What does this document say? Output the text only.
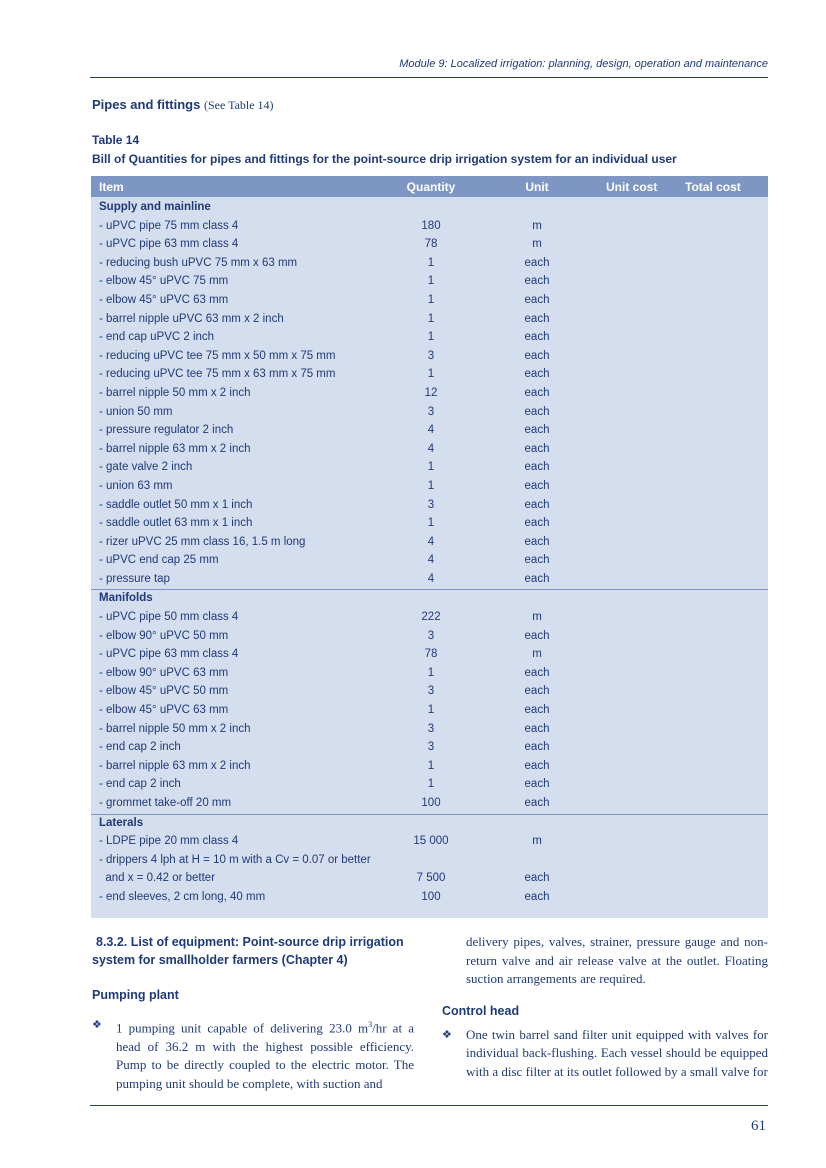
Module 9: Localized irrigation: planning, design, operation and maintenance
Pipes and fittings (See Table 14)
Table 14
Bill of Quantities for pipes and fittings for the point-source drip irrigation system for an individual user
Item	Quantity	Unit	Unit cost Total cost
Supply and mainline
- uPVC pipe 75 mm class 4	180	m
- uPVC pipe 63 mm class 4	78	m
- reducing bush uPVC 75 mm x 63 mm	1	each
- elbow 45° uPVC 75 mm	1	each
- elbow 45° uPVC 63 mm	1	each
- barrel nipple uPVC 63 mm x 2 inch	1	each
- end cap uPVC 2 inch	1	each
- reducing uPVC tee 75 mm x 50 mm x 75 mm	3	each
- reducing uPVC tee 75 mm x 63 mm x 75 mm	1	each
- barrel nipple 50 mm x 2 inch	12	each
- union 50 mm	3	each
- pressure regulator 2 inch	4	each
- barrel nipple 63 mm x 2 inch	4	each
- gate valve 2 inch	1	each
- union 63 mm	1	each
- saddle outlet 50 mm x 1 inch	3	each
- saddle outlet 63 mm x 1 inch	1	each
- rizer uPVC 25 mm class 16, 1.5 m long	4	each
- uPVC end cap 25 mm	4	each
- pressure tap	4	each
Manifolds
- uPVC pipe 50 mm class 4	222	m
- elbow 90° uPVC 50 mm	3	each
- uPVC pipe 63 mm class 4	78	m
- elbow 90° uPVC 63 mm	1	each
- elbow 45° uPVC 50 mm	3	each
- elbow 45° uPVC 63 mm	1	each
- barrel nipple 50 mm x 2 inch	3	each
- end cap 2 inch	3	each
- barrel nipple 63 mm x 2 inch	1	each
- end cap 2 inch	1	each
- grommet take-off 20 mm	100	each
Laterals
- LDPE pipe 20 mm class 4	15 000	m
- drippers 4 lph at H = 10 m with a Cv = 0.07 or better
and x = 0.42 or better	7 500	each
- end sleeves, 2 cm long, 40 mm	100	each
8.3.2. List of equipment: Point-source drip irrigation
system for smallholder farmers (Chapter 4)
Pumping plant
❖ 1 pumping unit capable of delivering 23.0 $m^3/hr$ at a head of 36.2 m with the highest possible efficiency. Pump to be directly coupled to the electric motor. The pumping unit should be complete, with suction and
delivery pipes, valves, strainer, pressure gauge and non-return valve and air release valve at the outlet. Floating suction arrangements are required.
Control head
❖ One twin barrel sand filter unit equipped with valves for individual back-flushing. Each vessel should be equipped with a disc filter at its outlet followed by a small valve for
61
